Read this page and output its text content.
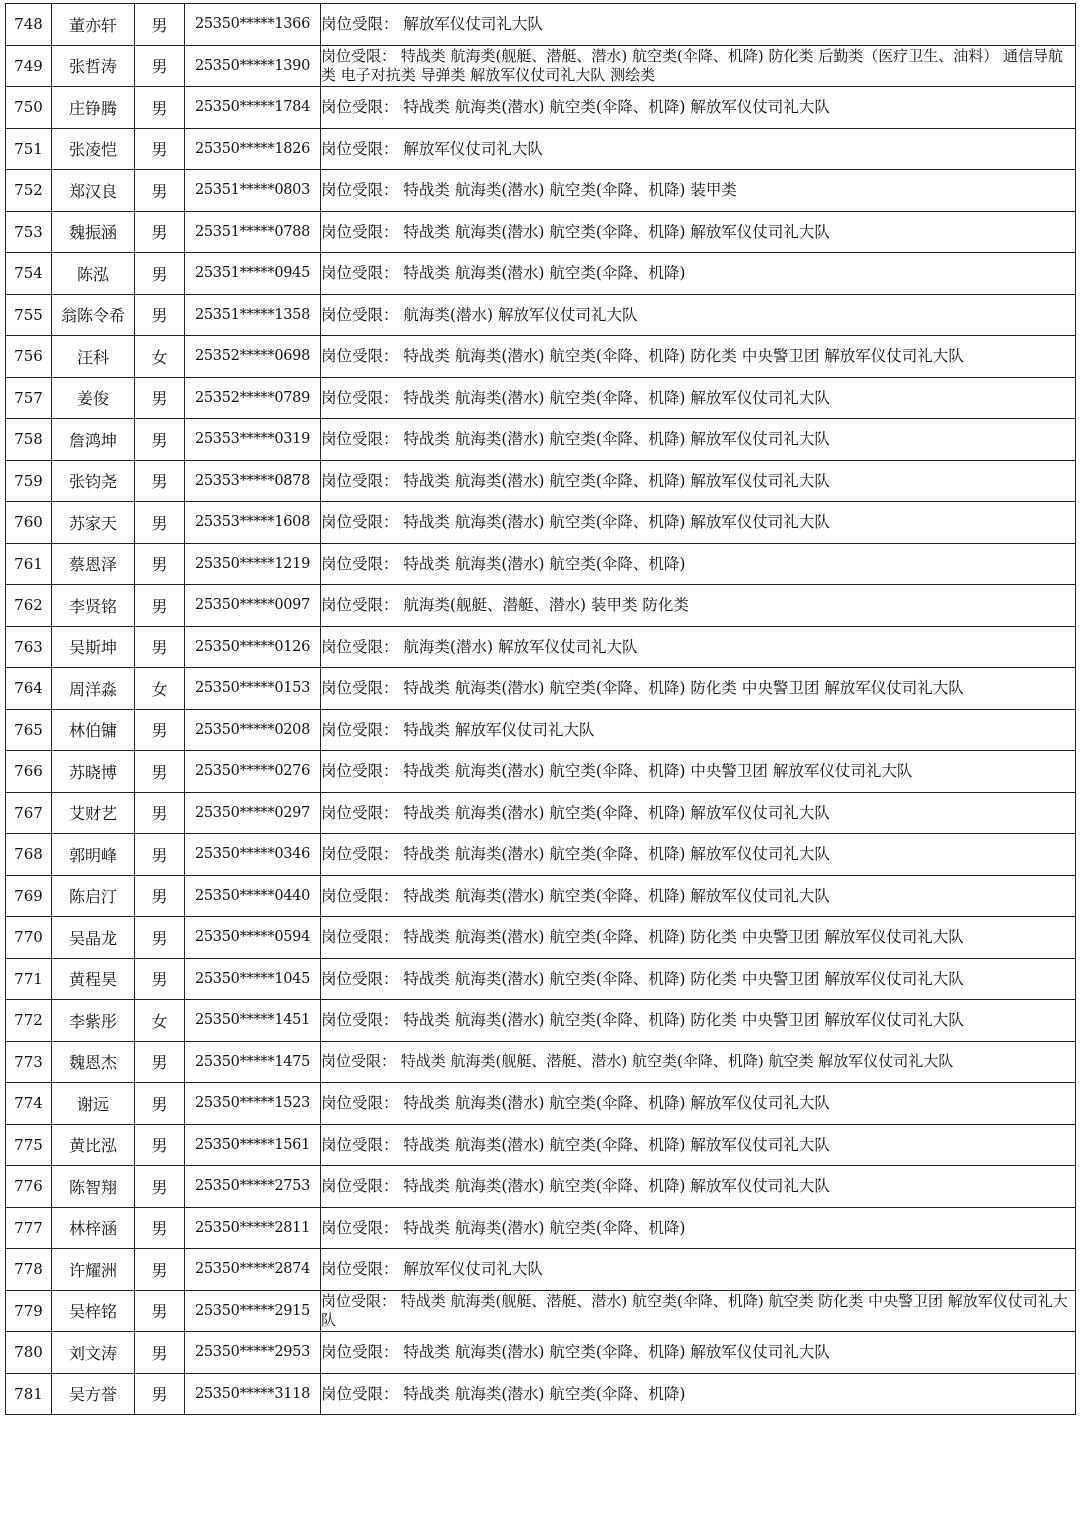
748	董亦轩	男	25350*****1366	岗位受限： 解放军仪仗司礼大队
749	张哲涛	男	25350*****1390	岗位受限： 特战类 航海类(舰艇、潜艇、潜水) 航空类(伞降、机降) 防化类 后勤类（医疗卫生、油料） 通信导航类 电子对抗类 导弹类 解放军仪仗司礼大队 测绘类
750	庄铮腾	男	25350*****1784	岗位受限： 特战类 航海类(潜水) 航空类(伞降、机降) 解放军仪仗司礼大队
751	张凌恺	男	25350*****1826	岗位受限： 解放军仪仗司礼大队
752	郑汉良	男	25351*****0803	岗位受限： 特战类 航海类(潜水) 航空类(伞降、机降) 装甲类
753	魏振涵	男	25351*****0788	岗位受限： 特战类 航海类(潜水) 航空类(伞降、机降) 解放军仪仗司礼大队
754	陈泓	男	25351*****0945	岗位受限： 特战类 航海类(潜水) 航空类(伞降、机降)
755	翁陈令希	男	25351*****1358	岗位受限： 航海类(潜水) 解放军仪仗司礼大队
756	汪科	女	25352*****0698	岗位受限： 特战类 航海类(潜水) 航空类(伞降、机降) 防化类 中央警卫团 解放军仪仗司礼大队
757	姜俊	男	25352*****0789	岗位受限： 特战类 航海类(潜水) 航空类(伞降、机降) 解放军仪仗司礼大队
758	詹鸿坤	男	25353*****0319	岗位受限： 特战类 航海类(潜水) 航空类(伞降、机降) 解放军仪仗司礼大队
759	张钧尧	男	25353*****0878	岗位受限： 特战类 航海类(潜水) 航空类(伞降、机降) 解放军仪仗司礼大队
760	苏家天	男	25353*****1608	岗位受限： 特战类 航海类(潜水) 航空类(伞降、机降) 解放军仪仗司礼大队
761	蔡恩泽	男	25350*****1219	岗位受限： 特战类 航海类(潜水) 航空类(伞降、机降)
762	李贤铭	男	25350*****0097	岗位受限： 航海类(舰艇、潜艇、潜水) 装甲类 防化类
763	吴斯坤	男	25350*****0126	岗位受限： 航海类(潜水) 解放军仪仗司礼大队
764	周洋淼	女	25350*****0153	岗位受限： 特战类 航海类(潜水) 航空类(伞降、机降) 防化类 中央警卫团 解放军仪仗司礼大队
765	林伯镛	男	25350*****0208	岗位受限： 特战类 解放军仪仗司礼大队
766	苏晓博	男	25350*****0276	岗位受限： 特战类 航海类(潜水) 航空类(伞降、机降) 中央警卫团 解放军仪仗司礼大队
767	艾财艺	男	25350*****0297	岗位受限： 特战类 航海类(潜水) 航空类(伞降、机降) 解放军仪仗司礼大队
768	郭明峰	男	25350*****0346	岗位受限： 特战类 航海类(潜水) 航空类(伞降、机降) 解放军仪仗司礼大队
769	陈启汀	男	25350*****0440	岗位受限： 特战类 航海类(潜水) 航空类(伞降、机降) 解放军仪仗司礼大队
770	吴晶龙	男	25350*****0594	岗位受限： 特战类 航海类(潜水) 航空类(伞降、机降) 防化类 中央警卫团 解放军仪仗司礼大队
771	黄程昊	男	25350*****1045	岗位受限： 特战类 航海类(潜水) 航空类(伞降、机降) 防化类 中央警卫团 解放军仪仗司礼大队
772	李紫彤	女	25350*****1451	岗位受限： 特战类 航海类(潜水) 航空类(伞降、机降) 防化类 中央警卫团 解放军仪仗司礼大队
773	魏恩杰	男	25350*****1475	岗位受限： 特战类 航海类(舰艇、潜艇、潜水) 航空类(伞降、机降) 航空类 解放军仪仗司礼大队
774	谢远	男	25350*****1523	岗位受限： 特战类 航海类(潜水) 航空类(伞降、机降) 解放军仪仗司礼大队
775	黄比泓	男	25350*****1561	岗位受限： 特战类 航海类(潜水) 航空类(伞降、机降) 解放军仪仗司礼大队
776	陈智翔	男	25350*****2753	岗位受限： 特战类 航海类(潜水) 航空类(伞降、机降) 解放军仪仗司礼大队
777	林梓涵	男	25350*****2811	岗位受限： 特战类 航海类(潜水) 航空类(伞降、机降)
778	许耀洲	男	25350*****2874	岗位受限： 解放军仪仗司礼大队
779	吴梓铭	男	25350*****2915	岗位受限： 特战类 航海类(舰艇、潜艇、潜水) 航空类(伞降、机降) 航空类 防化类 中央警卫团 解放军仪仗司礼大队
780	刘文涛	男	25350*****2953	岗位受限： 特战类 航海类(潜水) 航空类(伞降、机降) 解放军仪仗司礼大队
781	吴方誉	男	25350*****3118	岗位受限： 特战类 航海类(潜水) 航空类(伞降、机降)
